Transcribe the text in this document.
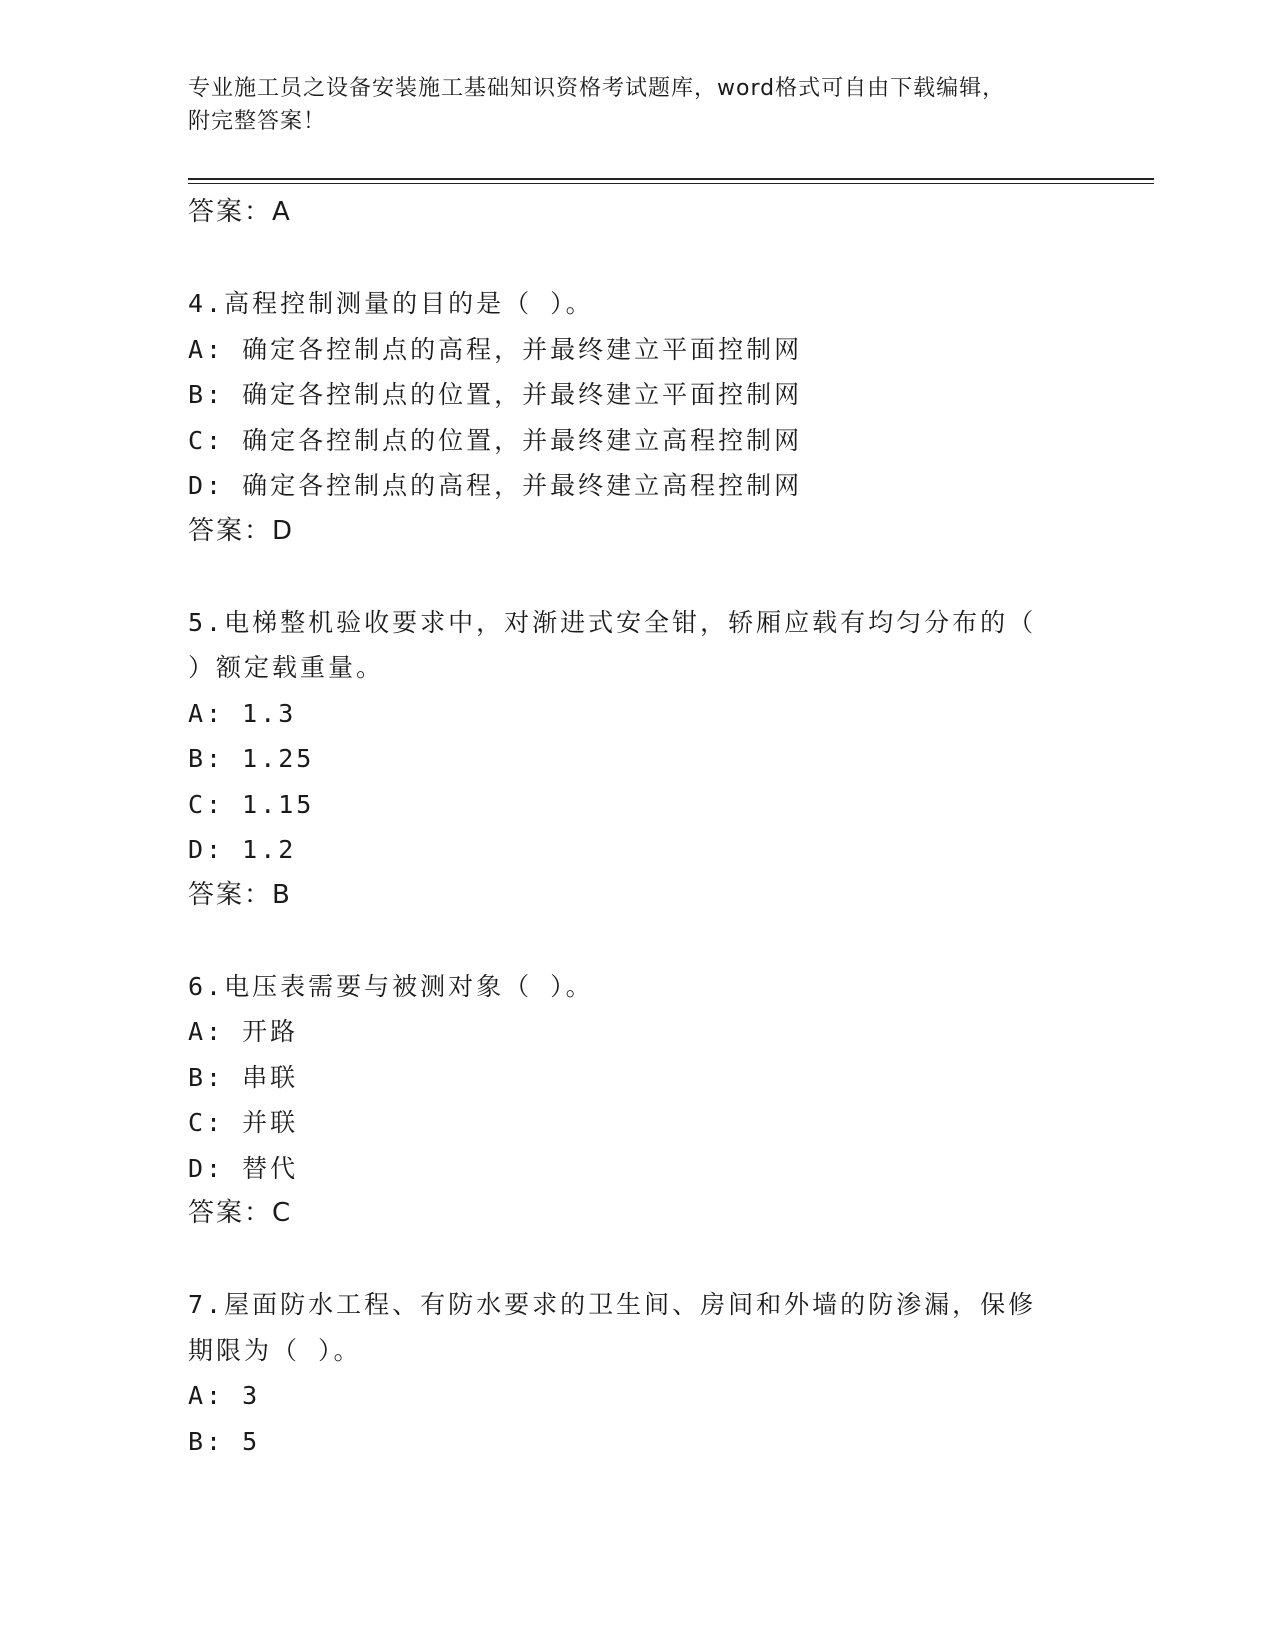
专业施工员之设备安装施工基础知识资格考试题库，word格式可自由下载编辑，
附完整答案！
答案：A
4.高程控制测量的目的是（ ）。
A: 确定各控制点的高程，并最终建立平面控制网
B: 确定各控制点的位置，并最终建立平面控制网
C: 确定各控制点的位置，并最终建立高程控制网
D: 确定各控制点的高程，并最终建立高程控制网
答案：D
5.电梯整机验收要求中，对渐进式安全钳，轿厢应载有均匀分布的（
）额定载重量。
A: 1.3
B: 1.25
C: 1.15
D: 1.2
答案：B
6.电压表需要与被测对象（ ）。
A: 开路
B: 串联
C: 并联
D: 替代
答案：C
7.屋面防水工程、有防水要求的卫生间、房间和外墙的防渗漏，保修
期限为（ ）。
A: 3
B: 5
